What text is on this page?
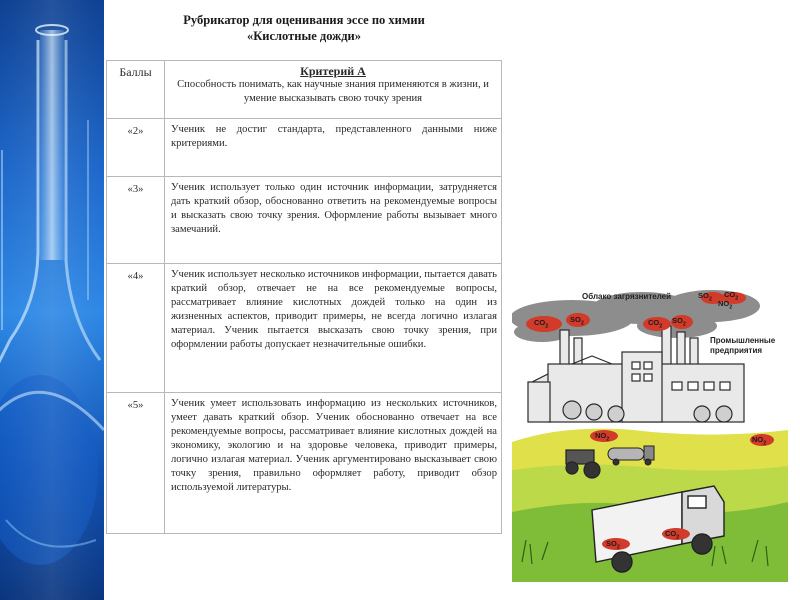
Рубрикатор для оценивания эссе по химии
«Кислотные дожди»
Баллы	Критерий А
Способность понимать, как научные знания применяются в жизни, и умение высказывать свою точку зрения

«2»	Ученик не достиг стандарта, представленного данными ниже критериями.

«3»	Ученик использует только один источник информации, затрудняется дать краткий обзор, обоснованно ответить на рекомендуемые вопросы и высказать свою точку зрения. Оформление работы вызывает много замечаний.

«4»	Ученик использует несколько источников информации, пытается давать краткий обзор, отвечает не на все рекомендуемые вопросы, рассматривает влияние кислотных дождей только на один из жизненных аспектов, приводит примеры, не всегда логично излагая материал. Ученик пытается высказать свою точку зрения, при оформлении работы допускает незначительные ошибки.

«5»	Ученик умеет использовать информацию из нескольких источников, умеет давать краткий обзор. Ученик обоснованно отвечает на все рекомендуемые вопросы, рассматривает влияние кислотных дождей на экономику, экологию и на здоровье человека, приводит примеры, логично излагая материал. Ученик аргументировано высказывает свою точку зрения, правильно оформляет работу, приводит обзор используемой литературы.
Облако загрязнителей
Промышленные предприятия
$CO_2$
$SO_2$
$SO_2$
$CO_2$
$NO_2$
$CO_2$
$SO_2$
$NO_2$	$NO_2$
$SO_2$
$CO_2$
